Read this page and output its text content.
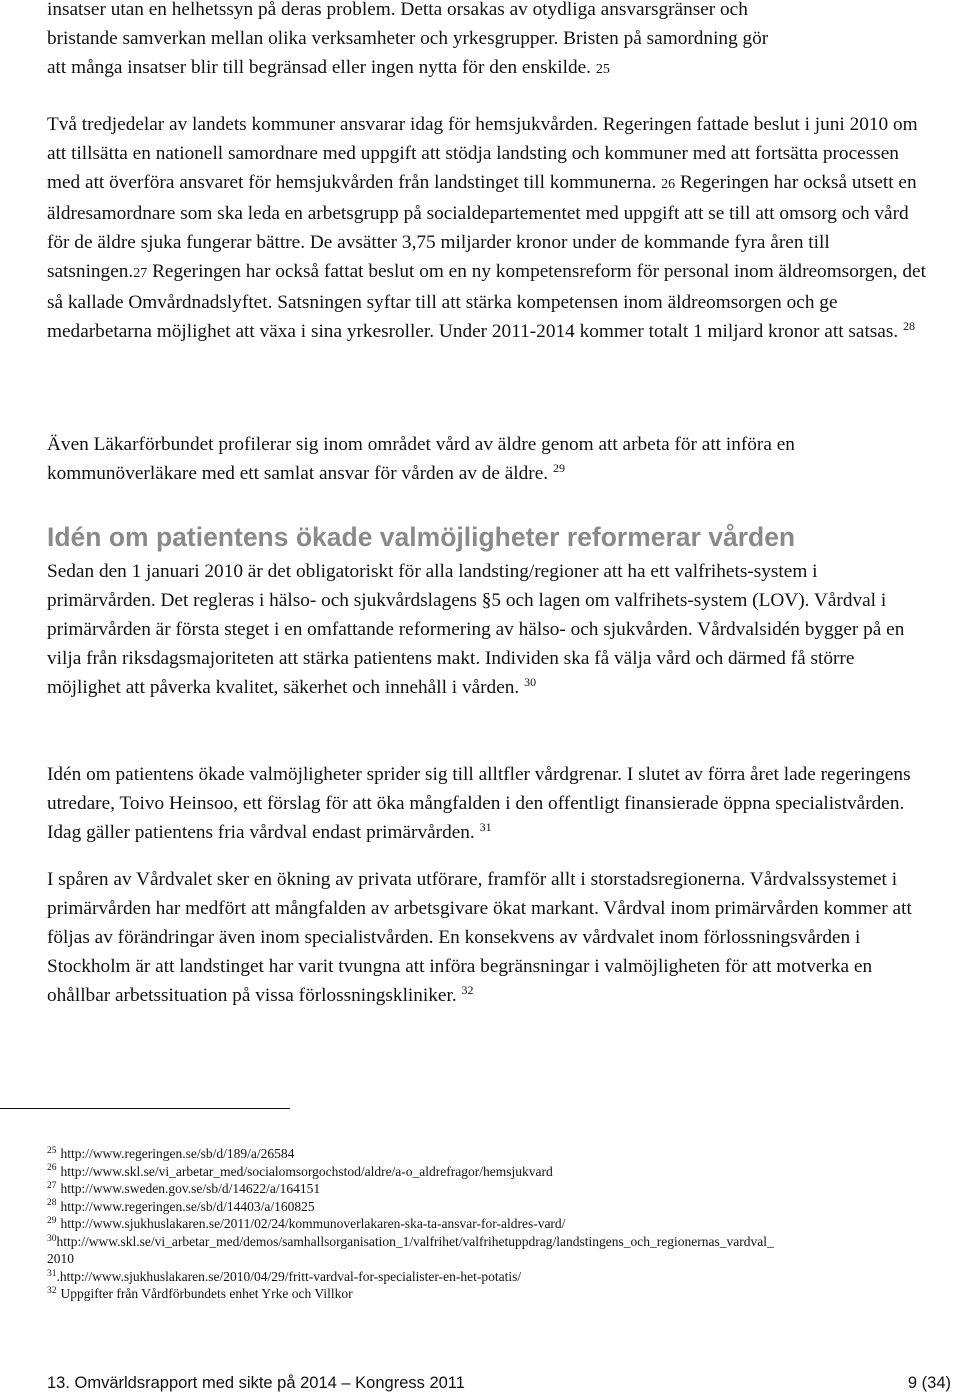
insatser utan en helhetssyn på deras problem. Detta orsakas av otydliga ansvarsgränser och
bristande samverkan mellan olika verksamheter och yrkesgrupper. Bristen på samordning gör
att många insatser blir till begränsad eller ingen nytta för den enskilde. 25

Två tredjedelar av landets kommuner ansvarar idag för hemsjukvården. Regeringen fattade beslut i juni 2010 om att tillsätta en nationell samordnare med uppgift att stödja landsting och kommuner med att fortsätta processen med att överföra ansvaret för hemsjukvården från landstinget till kommunerna. 26 Regeringen har också utsett en äldresamordnare som ska leda en arbetsgrupp på socialdepartementet med uppgift att se till att omsorg och vård för de äldre sjuka fungerar bättre. De avsätter 3,75 miljarder kronor under de kommande fyra åren till satsningen.27 Regeringen har också fattat beslut om en ny kompetensreform för personal inom äldreomsorgen, det så kallade Omvårdnadslyftet. Satsningen syftar till att stärka kompetensen inom äldreomsorgen och ge medarbetarna möjlighet att växa i sina yrkesroller. Under 2011-2014 kommer totalt 1 miljard kronor att satsas. $^{28}$

Även Läkarförbundet profilerar sig inom området vård av äldre genom att arbeta för att införa en kommunöverläkare med ett samlat ansvar för vården av de äldre. $^{29}$

Idén om patientens ökade valmöjligheter reformerar vården

Sedan den 1 januari 2010 är det obligatoriskt för alla landsting/regioner att ha ett valfrihets-system i primärvården. Det regleras i hälso- och sjukvårdslagens §5 och lagen om valfrihets-system (LOV). Vårdval i primärvården är första steget i en omfattande reformering av hälso- och sjukvården. Vårdvalsidén bygger på en vilja från riksdagsmajoriteten att stärka patientens makt. Individen ska få välja vård och därmed få större möjlighet att påverka kvalitet, säkerhet och innehåll i vården. $^{30}$

Idén om patientens ökade valmöjligheter sprider sig till alltfler vårdgrenar. I slutet av förra året lade regeringens utredare, Toivo Heinsoo, ett förslag för att öka mångfalden i den offentligt finansierade öppna specialistvården. Idag gäller patientens fria vårdval endast primärvården. $^{31}$

I spåren av Vårdvalet sker en ökning av privata utförare, framför allt i storstadsregionerna. Vårdvalssystemet i primärvården har medfört att mångfalden av arbetsgivare ökat markant. Vårdval inom primärvården kommer att följas av förändringar även inom specialistvården. En konsekvens av vårdvalet inom förlossningsvården i Stockholm är att landstinget har varit tvungna att införa begränsningar i valmöjligheten för att motverka en ohållbar arbetssituation på vissa förlossningskliniker. $^{32}$

$^{25}$ http://www.regeringen.se/sb/d/189/a/26584
$^{26}$ http://www.skl.se/vi_arbetar_med/socialomsorgochstod/aldre/a-o_aldrefragor/hemsjukvard
$^{27}$ http://www.sweden.gov.se/sb/d/14622/a/164151
$^{28}$ http://www.regeringen.se/sb/d/14403/a/160825
$^{29}$ http://www.sjukhuslakaren.se/2011/02/24/kommunoverlakaren-ska-ta-ansvar-for-aldres-vard/
$^{30}$http://www.skl.se/vi_arbetar_med/demos/samhallsorganisation_1/valfrihet/valfrihetuppdrag/landstingens_och_regionernas_vardval_
2010
$^{31}$.http://www.sjukhuslakaren.se/2010/04/29/fritt-vardval-for-specialister-en-het-potatis/
$^{32}$ Uppgifter från Vårdförbundets enhet Yrke och Villkor
13. Omvärldsrapport med sikte på 2014 – Kongress 2011	9 (34)
